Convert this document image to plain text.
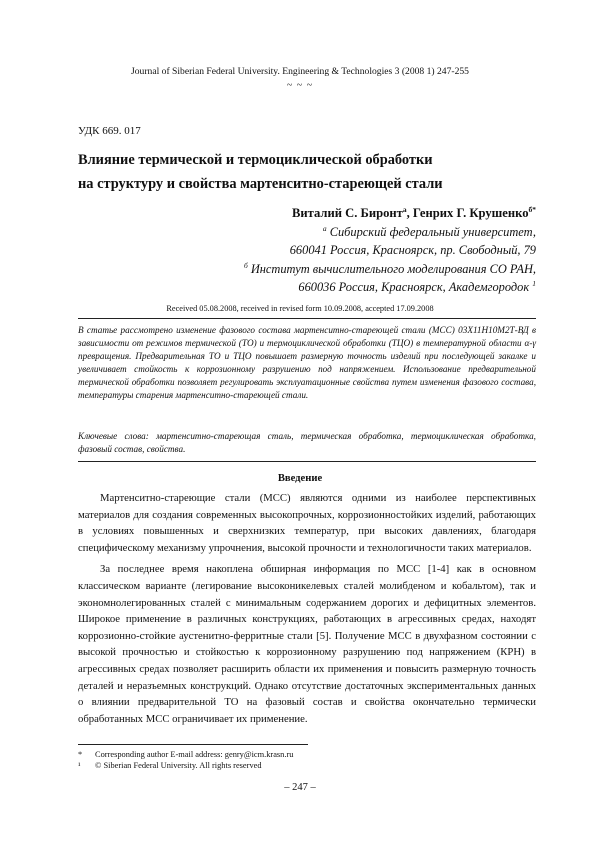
Journal of Siberian Federal University. Engineering & Technologies 3 (2008 1) 247-255
~ ~ ~
УДК 669. 017
Влияние термической и термоциклической обработки
на структуру и свойства мартенситно-стареющей стали
Виталий С. Биронт$^а$, Генрих Г. Крушенко$^{б*}$
$^а$ Сибирский федеральный университет,
660041 Россия, Красноярск, пр. Свободный, 79
$^б$ Институт вычислительного моделирования СО РАН,
660036 Россия, Красноярск, Академгородок $^1$
Received 05.08.2008, received in revised form 10.09.2008, accepted 17.09.2008
В статье рассмотрено изменение фазового состава мартенситно-стареющей стали (МСС) 03Х11Н10М2Т-ВД в зависимости от режимов термической (ТО) и термоциклической обработки (ТЦО) в температурной области α-γ превращения. Предварительная ТО и ТЦО повышает размерную точность изделий при последующей закалке и увеличивает стойкость к коррозионному разрушению под напряжением. Использование предварительной термической обработки позволяет регулировать эксплуатационные свойства путем изменения фазового состава, температуры старения мартенситно-стареющей стали.
Ключевые слова: мартенситно-стареющая сталь, термическая обработка, термоциклическая обработка, фазовый состав, свойства.
Введение

Мартенситно-стареющие стали (МСС) являются одними из наиболее перспективных материалов для создания современных высокопрочных, коррозионностойких изделий, работающих в условиях повышенных и сверхнизких температур, при высоких давлениях, благодаря специфическому механизму упрочнения, высокой прочности и технологичности таких материалов.

За последнее время накоплена обширная информация по МСС [1-4] как в основном классическом варианте (легирование высоконикелевых сталей молибденом и кобальтом), так и экономнолегированных сталей с минимальным содержанием дорогих и дефицитных элементов. Широкое применение в различных конструкциях, работающих в агрессивных средах, находят коррозионно-стойкие аустенитно-ферритные стали [5]. Получение МСС в двухфазном состоянии с высокой прочностью и стойкостью к коррозионному разрушению под напряжением (КРН) в агрессивных средах позволяет расширить области их применения и повысить размерную точность деталей и неразъемных конструкций. Однако отсутствие достаточных экспериментальных данных о влиянии предварительной ТО на фазовый состав и свойства окончательно термически обработанных МСС ограничивает их применение.

* Corresponding author E-mail address: genry@icm.krasn.ru
¹ © Siberian Federal University. All rights reserved
– 247 –
